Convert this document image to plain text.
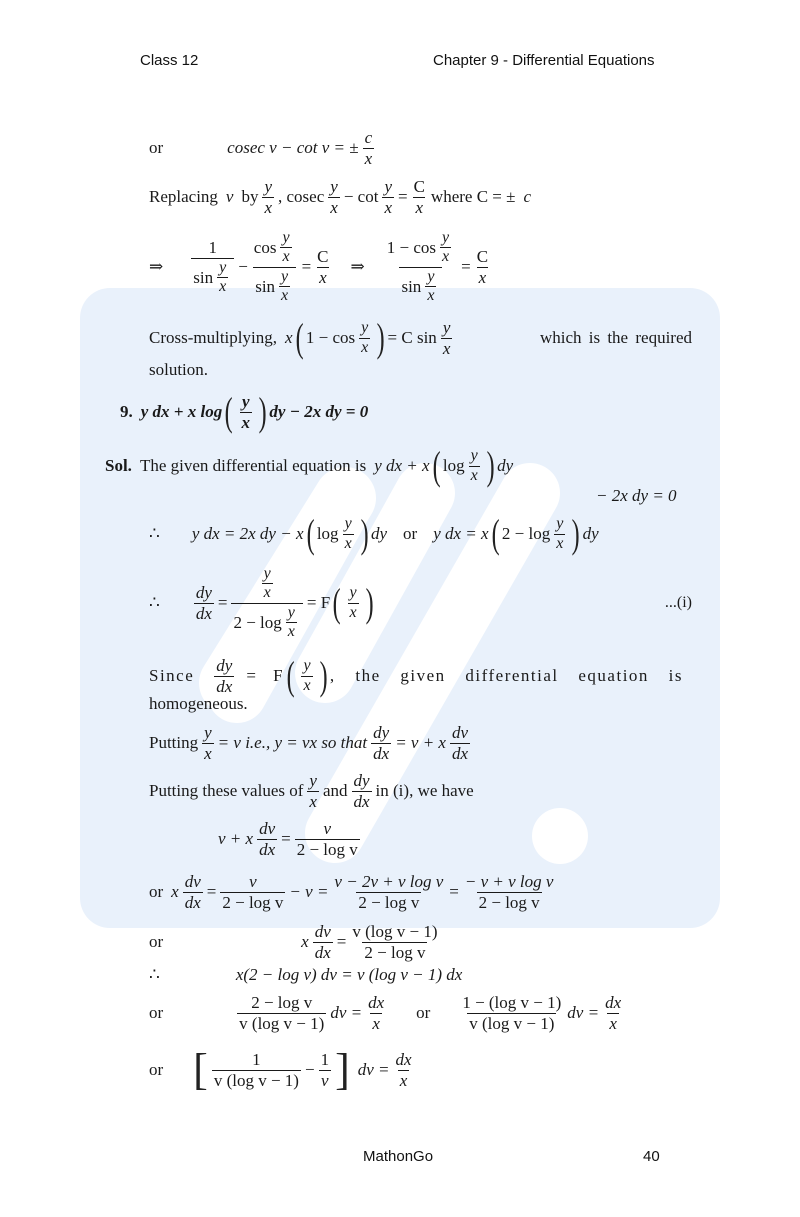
Class 12	Chapter 9 - Differential Equations
or	cosec v − cot v = ± $\frac{c}{x}$
Replacing v by $\frac{y}{x}$ , cosec $\frac{y}{x} - \cot \frac{y}{x} = \frac{C}{x}$ where C = ± c
⇒ $\frac{1}{\sin \frac{y}{x}} - \frac{\cos \frac{y}{x}}{\sin \frac{y}{x}} = \frac{C}{x}$ ⇒ $\frac{1 - \cos \frac{y}{x}}{\sin \frac{y}{x}} = \frac{C}{x}$
Cross-multiplying, x ( $1 - \cos \frac{y}{x}$ ) = C $\sin \frac{y}{x}$	which is the required
solution.
9. y dx + x log ( $\frac{y}{x}$ ) dy − 2x dy = 0
Sol. The given differential equation is y dx + x ( $\log \frac{y}{x}$ ) dy
− 2x dy = 0
∴ y dx = 2x dy − x ( $\log \frac{y}{x}$ ) dy or y dx = x ( $2 - \log \frac{y}{x}$ ) dy
∴ $\frac{dy}{dx} = \frac{\frac{y}{x}}{2 - \log \frac{y}{x}} = F$ ( $\frac{y}{x}$ )	...(i)
Since $\frac{dy}{dx} = F$ ( $\frac{y}{x}$ ) , the given differential equation is
homogeneous.
Putting $\frac{y}{x} = v$ i.e., y = vx so that $\frac{dy}{dx} = v + x \frac{dv}{dx}$
Putting these values of $\frac{y}{x}$ and $\frac{dy}{dx}$ in (i), we have
v + x $\frac{dv}{dx} = \frac{v}{\text{2 − log v}}$
or x $\frac{dv}{dx} = \frac{v}{\text{2 − log v}} - v = \frac{\text{v − 2v + v log v}}{\text{2 − log v}} = \frac{\text{− v + v log v}}{\text{2 − log v}}$
or	x $\frac{dv}{dx} = \frac{\text{v (log v − 1)}}{\text{2 − log v}}$
∴	x(2 − log v) dv = v (log v − 1) dx
or	$\frac{\text{2 − log v}}{\text{v (log v − 1)}}$ dv = $\frac{dx}{x}$ or $\frac{\text{1 − (log v − 1)}}{\text{v (log v − 1)}}$ dv = $\frac{dx}{x}$
or [ $\frac{1}{\text{v (log v − 1)}} - \frac{1}{v}$ ] dv = $\frac{dx}{x}$
MathonGo	40
